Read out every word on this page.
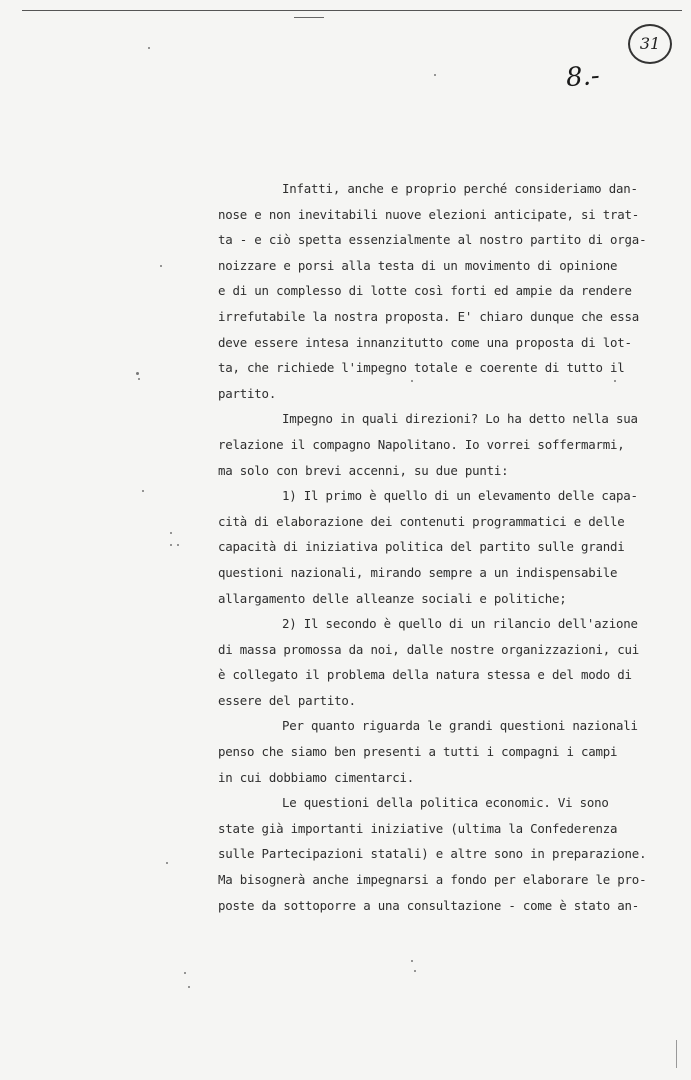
31
8.-
Infatti, anche e proprio perché consideriamo dan-
nose e non inevitabili nuove elezioni anticipate, si trat-
ta - e ciò spetta essenzialmente al nostro partito di orga-
noizzare e porsi alla testa di un movimento di opinione
e di un complesso di lotte così forti ed ampie da rendere
irrefutabile la nostra proposta. E' chiaro dunque che essa
deve essere intesa innanzitutto come una proposta di lot-
ta, che richiede l'impegno totale e coerente di tutto il
partito.
Impegno in quali direzioni? Lo ha detto nella sua
relazione il compagno Napolitano. Io vorrei soffermarmi,
ma solo con brevi accenni, su due punti:
1) Il primo è quello di un elevamento delle capa-
cità di elaborazione dei contenuti programmatici e delle
capacità di iniziativa politica del partito sulle grandi
questioni nazionali, mirando sempre a un indispensabile
allargamento delle alleanze sociali e politiche;
2) Il secondo è quello di un rilancio dell'azione
di massa promossa da noi, dalle nostre organizzazioni, cui
è collegato il problema della natura stessa e del modo di
essere del partito.
Per quanto riguarda le grandi questioni nazionali
penso che siamo ben presenti a tutti i compagni i campi
in cui dobbiamo cimentarci.
Le questioni della politica economic. Vi sono
state già importanti iniziative (ultima la Confederenza
sulle Partecipazioni statali) e altre sono in preparazione.
Ma bisognerà anche impegnarsi a fondo per elaborare le pro-
poste da sottoporre a una consultazione - come è stato an-
